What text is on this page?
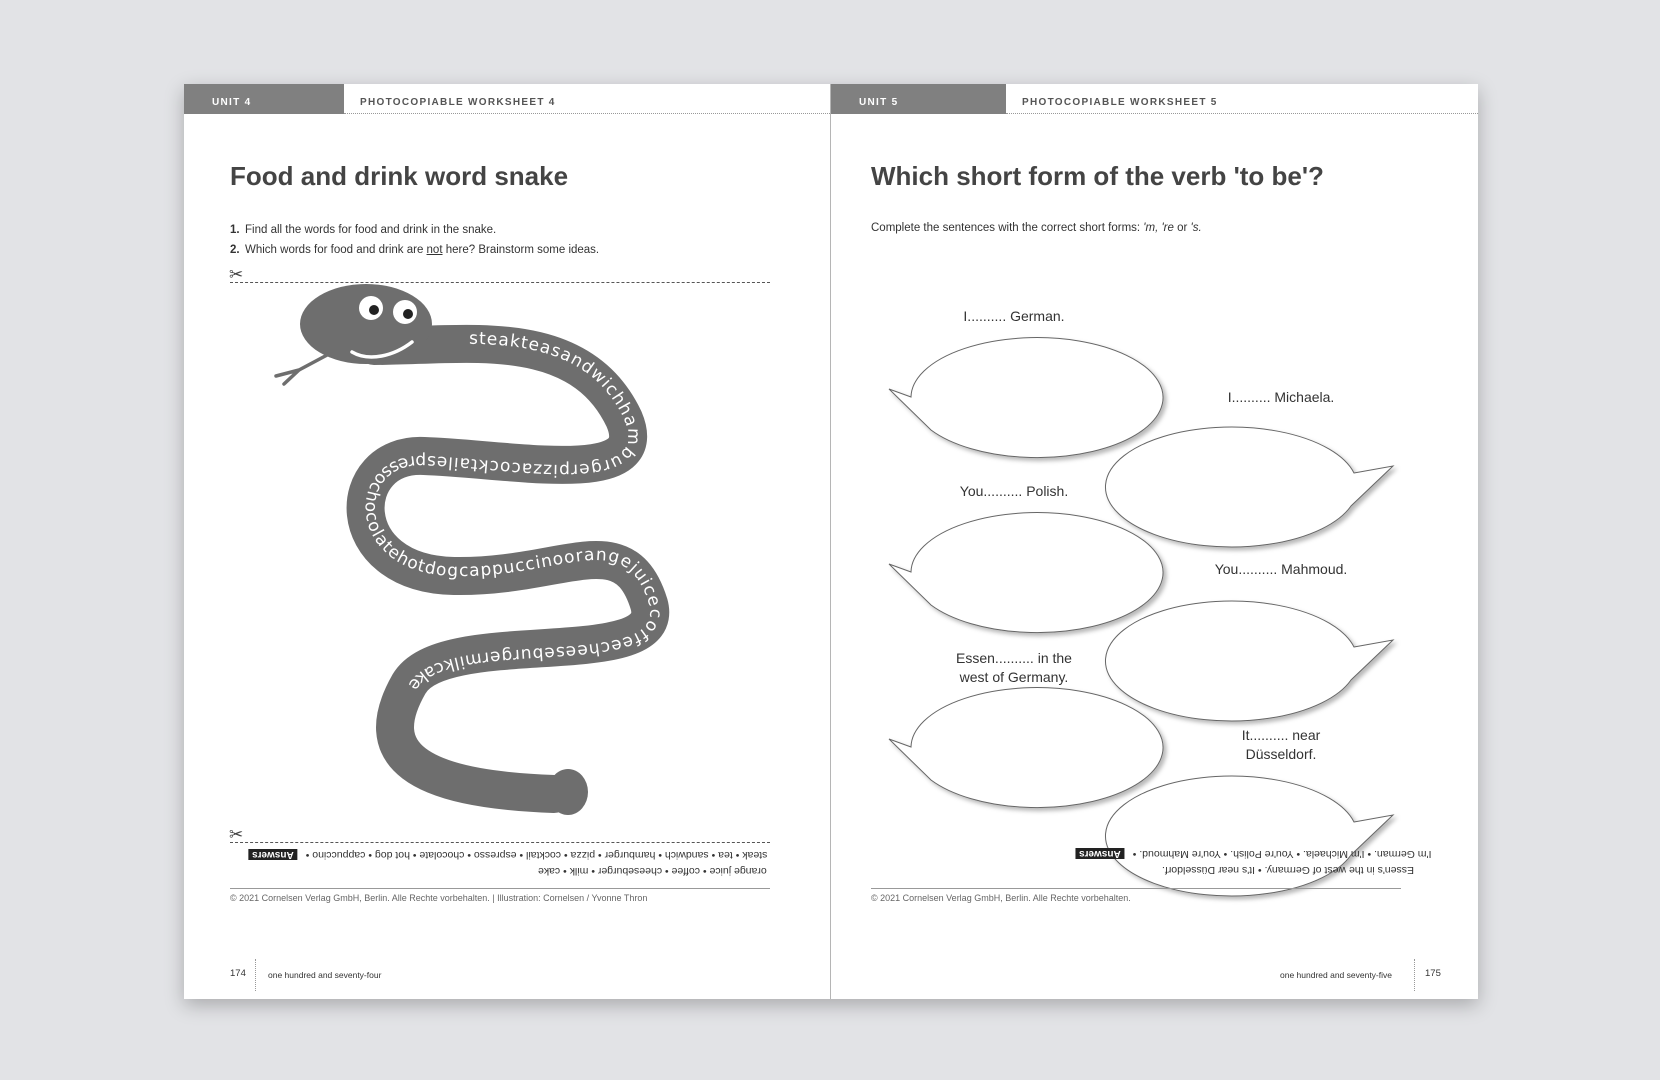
UNIT 4	PHOTOCOPIABLE WORKSHEET 4
Food and drink word snake
1. Find all the words for food and drink in the snake.
2. Which words for food and drink are not here? Brainstorm some ideas.
✂
steakteasandwichhamburgerpizzacocktailespressochocolatehotdogcappuccinoorangejuicecoffeecheeseburgermilkcake
✂
steak • tea • sandwich • hamburger • pizza • cocktail • espresso • chocolate • hot dog • cappuccino •Answers
orange juice • coffee • cheeseburger • milk • cake
© 2021 Cornelsen Verlag GmbH, Berlin. Alle Rechte vorbehalten. | Illustration: Cornelsen / Yvonne Thron
174	one hundred and seventy-four
UNIT 5	PHOTOCOPIABLE WORKSHEET 5
Which short form of the verb 'to be'?
Complete the sentences with the correct short forms: 'm, 're or 's.
I.......... German.
I.......... Michaela.
You.......... Polish.
You.......... Mahmoud.
Essen.......... in the
west of Germany.
It.......... near
Düsseldorf.
I'm German. • I'm Michaela. • You're Polish. • You're Mahmoud. •Answers
Essen's in the west of Germany. • It's near Düsseldorf.
© 2021 Cornelsen Verlag GmbH, Berlin. Alle Rechte vorbehalten.
one hundred and seventy-five	175
